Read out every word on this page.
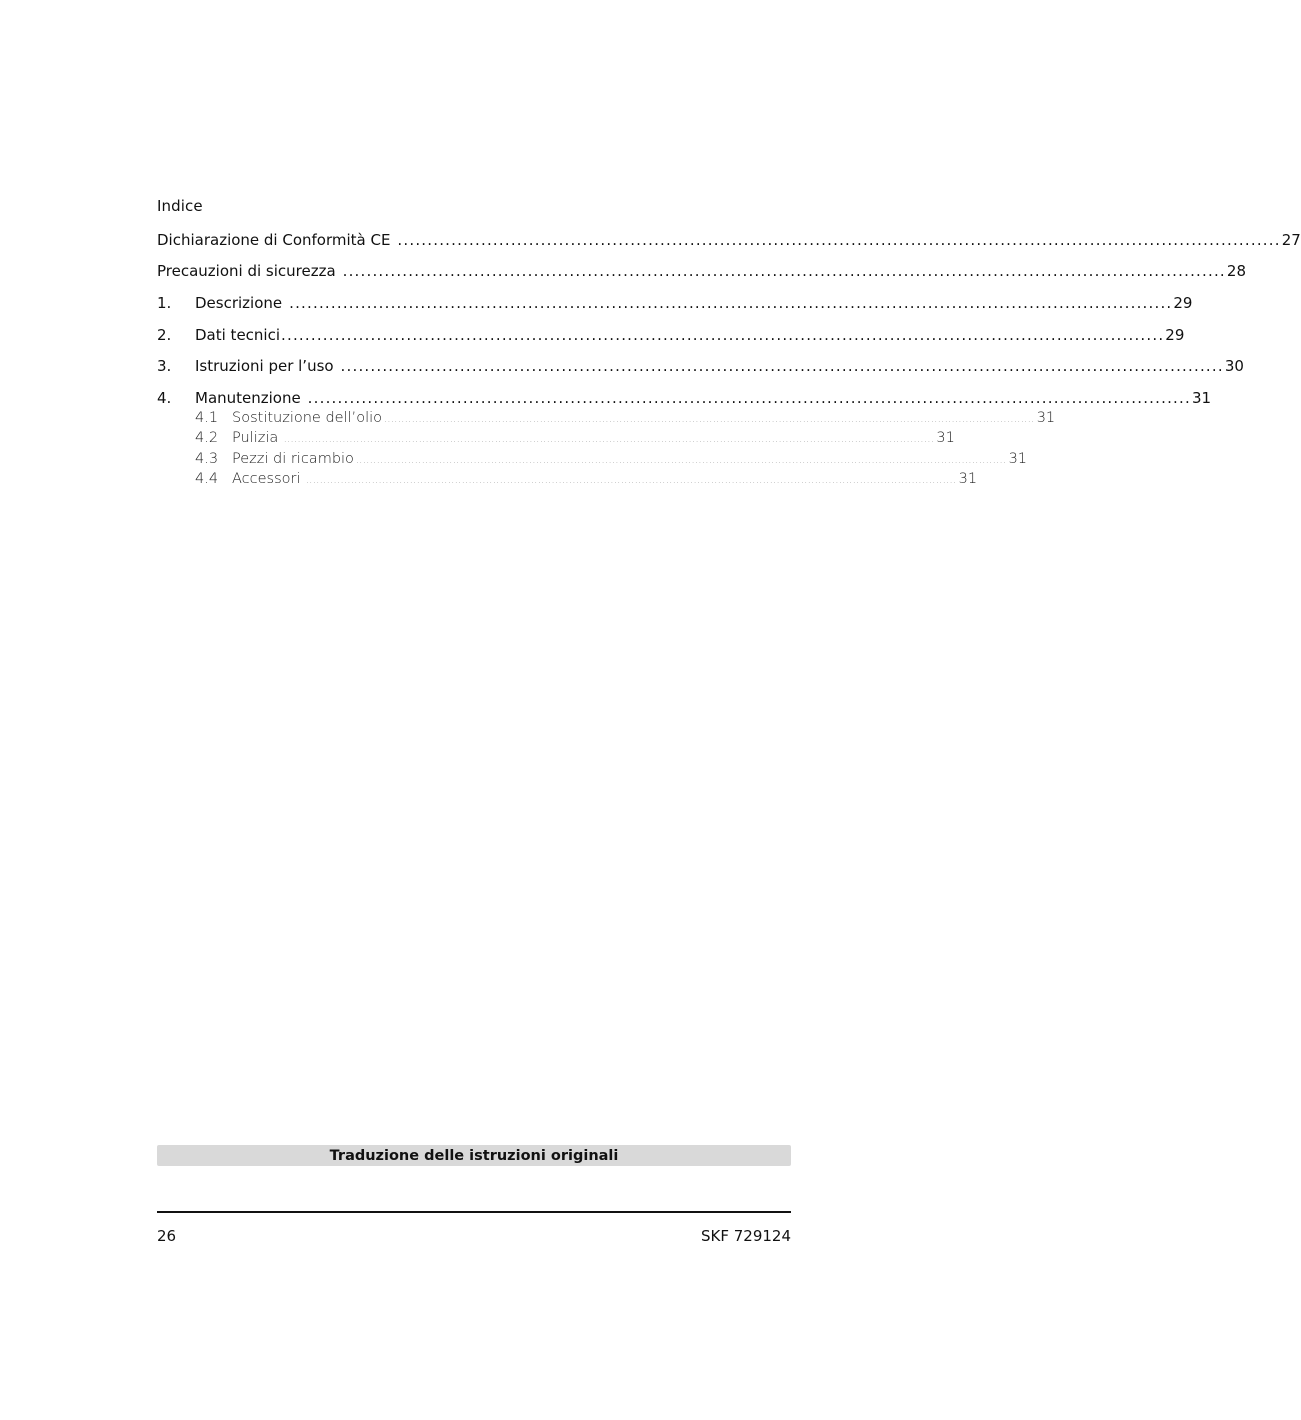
Indice
Dichiarazione di Conformità CE .................................................................................................................................................... 27
Precauzioni di sicurezza .................................................................................................................................................... 28
1.	Descrizione .................................................................................................................................................... 29
2.	Dati tecnici .................................................................................................................................................... 29
3.	Istruzioni per l’uso .................................................................................................................................................... 30
4.	Manutenzione .................................................................................................................................................... 31
4.1 Sostituzione dell’olio ............................................................................................................................................................................................ 31
4.2 Pulizia ............................................................................................................................................................................................ 31
4.3 Pezzi di ricambio ............................................................................................................................................................................................ 31
4.4 Accessori ............................................................................................................................................................................................ 31
Traduzione delle istruzioni originali
26	SKF 729124
